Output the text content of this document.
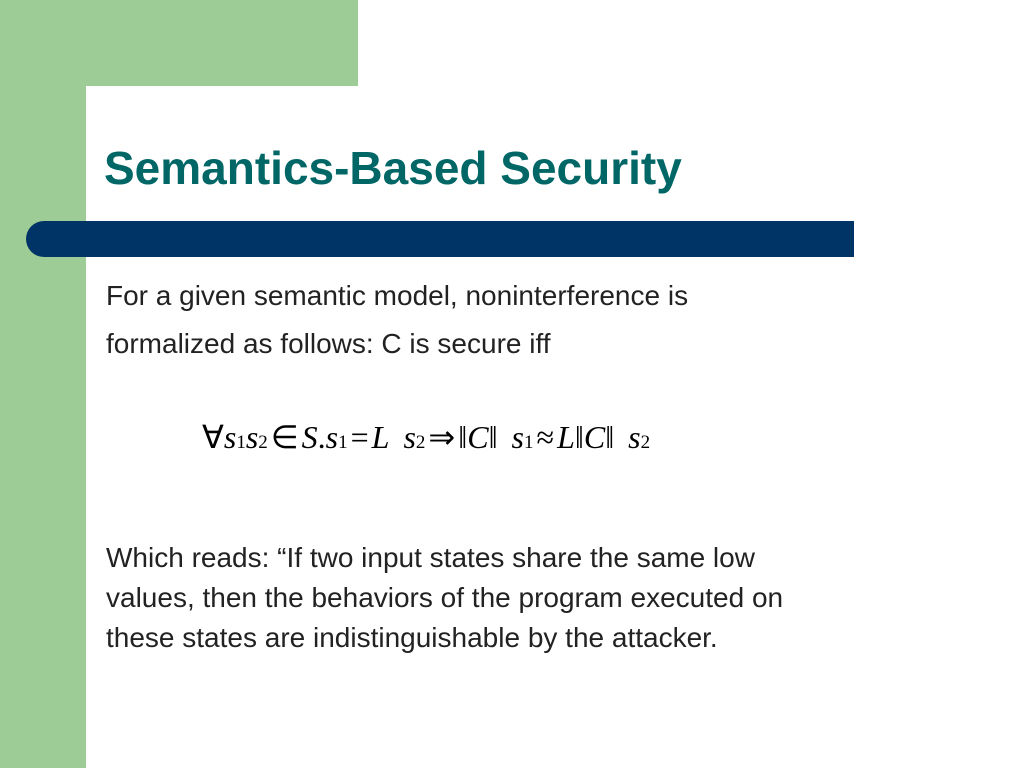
Semantics-Based Security
For a given semantic model, noninterference is
formalized as follows: C is secure iff
∀ s 1 s 2 ∈ S . s 1 = L s 2 ⇒ ‖ C ‖ s 1 ≈ L ‖ C ‖ s 2
Which reads: “If two input states share the same low
values, then the behaviors of the program executed on
these states are indistinguishable by the attacker.
